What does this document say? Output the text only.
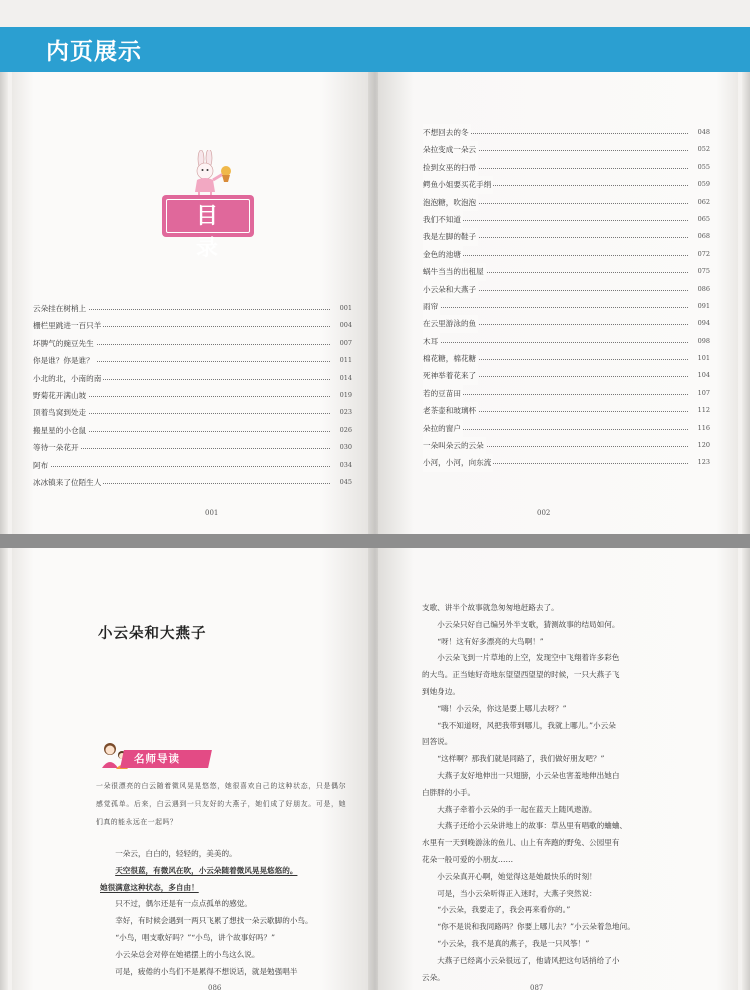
内页展示
目 录
云朵挂在树梢上	001
栅栏里跳进一百只羊	004
坏脾气的豌豆先生	007
你是谁？你是谁？	011
小北的北，小南的南	014
野菊花开满山坡	019
顶着鸟窝到处走	023
搬星星的小仓鼠	026
等待一朵花开	030
阿布	034
冰冰镇来了位陌生人	045
001
不想回去的冬	048
朵拉变成一朵云	052
捡到女巫的扫帚	055
鳄鱼小姐要买花手绢	059
泡泡糖，吹泡泡	062
我们不知道	065
我是左脚的鞋子	068
金色的池塘	072
蜗牛当当的出租屋	075
小云朵和大燕子	086
雨帘	091
在云里游泳的鱼	094
木耳	098
棉花糖，棉花糖	101
死神举着花来了	104
若的豆苗田	107
老茶壶和玻璃杯	112
朵拉的窗户	116
一朵叫朵云的云朵	120
小河，小河，向东流	123
002
小云朵和大燕子
名师导读
一朵很漂亮的白云随着微风晃晃悠悠，她很喜欢自己的这种状态，只是偶尔感觉孤单。后来，白云遇到一只友好的大燕子，她们成了好朋友。可是，她们真的能永远在一起吗？

一朵云，白白的，轻轻的，美美的。

天空很蓝，有微风在吹，小云朵随着微风晃晃悠悠的。

她很满意这种状态，多自由！

只不过，偶尔还是有一点点孤单的感觉。

幸好，有时候会遇到一两只飞累了想找一朵云歇脚的小鸟。

“小鸟，唱支歌好吗？”“小鸟，讲个故事好吗？”

小云朵总会对停在她裙摆上的小鸟这么说。

可是，疲倦的小鸟们不是累得不想说话，就是勉强唱半

086

支歌、讲半个故事就急匆匆地赶路去了。

小云朵只好自己编另外半支歌，猜测故事的结局如何。

“呀！这有好多漂亮的大鸟啊！”

小云朵飞到一片草地的上空，发现空中飞翔着许多彩色

的大鸟。正当她好奇地东望望西望望的时候，一只大燕子飞

到她身边。

“嗨！小云朵，你这是要上哪儿去呀？”

“我不知道呀，风把我带到哪儿，我就上哪儿。”小云朵

回答说。

“这样啊？那我们就是同路了，我们做好朋友吧？”

大燕子友好地伸出一只翅膀，小云朵也害羞地伸出她白

白胖胖的小手。

大燕子牵着小云朵的手一起在蓝天上随风遨游。

大燕子还给小云朵讲地上的故事：草丛里有唱歌的蛐蛐、

水里有一天到晚游泳的鱼儿、山上有奔跑的野兔、公园里有

花朵一般可爱的小朋友……

小云朵真开心啊，她觉得这是她最快乐的时刻！

可是，当小云朵听得正入迷时，大燕子突然说：

“小云朵，我要走了，我会再来看你的。”

“你不是说和我同路吗？你要上哪儿去？”小云朵着急地问。

“小云朵，我不是真的燕子，我是一只风筝！”

大燕子已经离小云朵很远了，他请风把这句话捎给了小

云朵。

087
